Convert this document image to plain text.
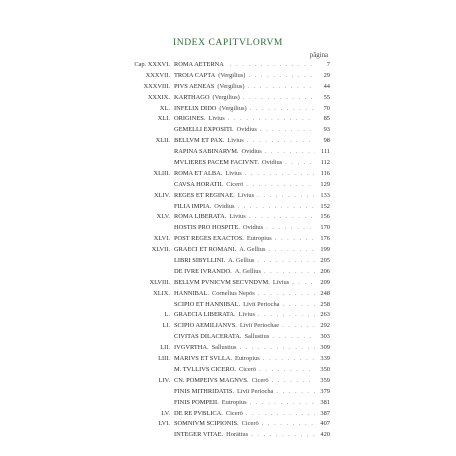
INDEX CAPITVLORVM
pāgina
Cap. XXXVI. ROMA AETERNA . . .	7
XXXVII. TROIA CAPTA (Vergilius) . . .	29
XXXVIII. PIVS AENEAS (Vergilius) . . .	44
XXXIX. KARTHAGO (Vergilius) . . .	55
XL. INFELIX DIDO (Vergilius) . . .	70
XLI. ORIGINES. Līvius . . .	85
GEMELLI EXPOSITI. Ovidius . . .	93
XLII. BELLVM ET PAX. Līvius . . .	98
RAPINA SABINARVM. Ovidius . . .	111
MVLIERES PACEM FACIVNT. Ovidius . . .	112
XLIII. ROMA ET ALBA. Līvius . . .	116
CAVSA HORATII. Cicerō . . .	129
XLIV. REGES ET REGINAE. Līvius . . .	133
FILIA IMPIA. Ovidius . . .	152
XLV. ROMA LIBERATA. Līvius . . .	156
HOSTIS PRO HOSPITE. Ovidius . . .	170
XLVI. POST REGES EXACTOS. Eutropius . . .	176
XLVII. GRAECI ET ROMANI. A. Gellius . . .	199
LIBRI SIBYLLINI. A. Gellius . . .	205
DE IVRE IVRANDO. A. Gellius . . .	206
XLVIII. BELLVM PVNICVM SECVNDVM. Līvius . . .	209
XLIX. HANNIBAL. Cornelius Nepōs . . .	248
SCIPIO ET HANNIBAL. Līviī Periocha . . .	258
L. GRAECIA LIBERATA. Līvius . . .	263
LI. SCIPIO AEMILIANVS. Līviī Periochae . . .	292
CIVITAS DILACERATA. Sallustius . . .	303
LII. IVGVRTHA. Sallustius . . .	309
LIII. MARIVS ET SVLLA. Eutropius . . .	339
M. TVLLIVS CICERO. Cicerō . . .	350
LIV. CN. POMPEIVS MAGNVS. Cicerō . . .	359
FINIS MITHRIDATIS. Līviī Periocha . . .	379
FINIS POMPEII. Eutropius . . .	381
LV. DE RE PVBLICA. Cicerō . . .	387
LVI. SOMNIVM SCIPIONIS. Cicerō . . .	407
INTEGER VITAE. Horātius . . .	420
